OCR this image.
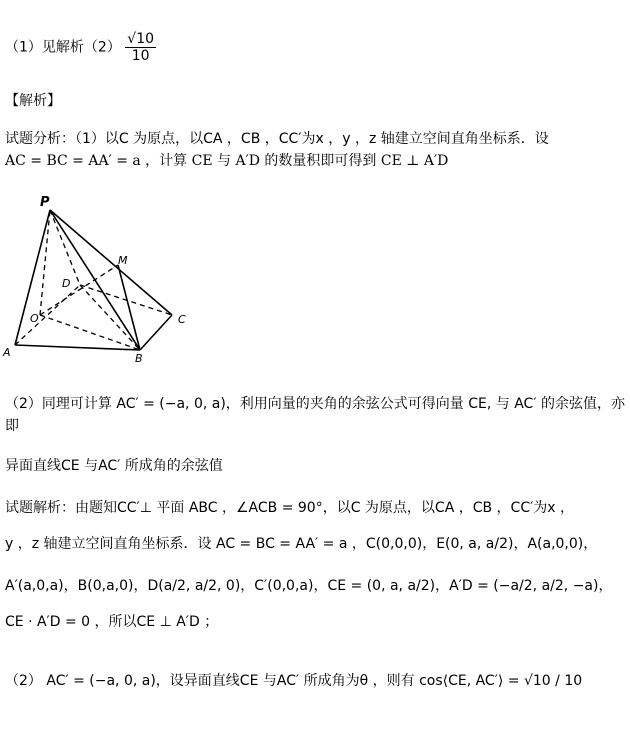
（1）见解析$(2) \frac{√10}{10}$
【解析】
试题分析：（1）以C 为原点，以CA ，CB ，CC′为x ，y ，z 轴建立空间直角坐标系．设
AC = BC = AA′ = a ，计算 CE 与 A′D 的数量积即可得到 CE ⊥ A′D
P
M
D
O
A	B
C
（2）同理可计算 AC′ = (−a, 0, a)，利用向量的夹角的余弦公式可得向量 CE, 与 AC′ 的余弦值，亦
即
异面直线CE 与AC′ 所成角的余弦值
试题解析：由题知CC′⊥ 平面 ABC ，∠ACB = 90°，以C 为原点，以CA ，CB ，CC′为x ，
y ，z 轴建立空间直角坐标系．设 AC = BC = AA′ = a ，C(0,0,0)，E(0, a, a/2)，A(a,0,0)，
A′(a,0,a)，B(0,a,0)，D(a/2, a/2, 0)，C′(0,0,a)，CE = (0, a, a/2)，A′D = (−a/2, a/2, −a)，
CE · A′D = 0 ，所以CE ⊥ A′D ；
（2） AC′ = (−a, 0, a)，设异面直线CE 与AC′ 所成角为θ ，则有 cos⟨CE, AC′⟩ = √10 / 10
